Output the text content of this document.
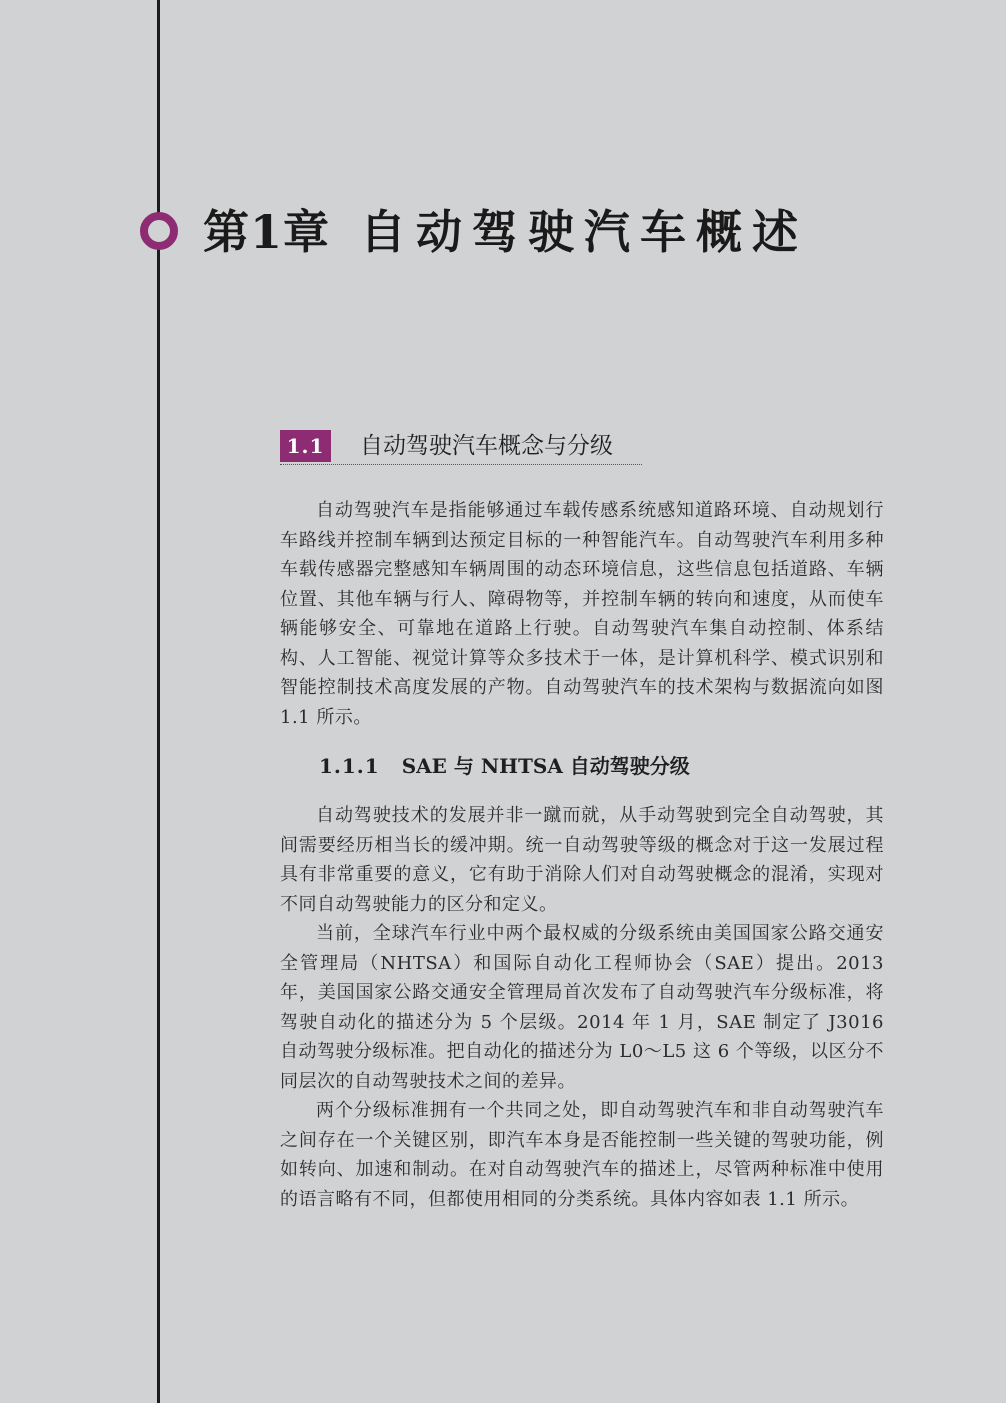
第1章 自动驾驶汽车概述
1.1 自动驾驶汽车概念与分级

自动驾驶汽车是指能够通过车载传感系统感知道路环境、自动规划行车路线并控制车辆到达预定目标的一种智能汽车。自动驾驶汽车利用多种车载传感器完整感知车辆周围的动态环境信息，这些信息包括道路、车辆位置、其他车辆与行人、障碍物等，并控制车辆的转向和速度，从而使车辆能够安全、可靠地在道路上行驶。自动驾驶汽车集自动控制、体系结构、人工智能、视觉计算等众多技术于一体，是计算机科学、模式识别和智能控制技术高度发展的产物。自动驾驶汽车的技术架构与数据流向如图 1.1 所示。

1.1.1 SAE 与 NHTSA 自动驾驶分级

自动驾驶技术的发展并非一蹴而就，从手动驾驶到完全自动驾驶，其间需要经历相当长的缓冲期。统一自动驾驶等级的概念对于这一发展过程具有非常重要的意义，它有助于消除人们对自动驾驶概念的混淆，实现对不同自动驾驶能力的区分和定义。

当前，全球汽车行业中两个最权威的分级系统由美国国家公路交通安全管理局（NHTSA）和国际自动化工程师协会（SAE）提出。2013 年，美国国家公路交通安全管理局首次发布了自动驾驶汽车分级标准，将驾驶自动化的描述分为 5 个层级。2014 年 1 月，SAE 制定了 J3016 自动驾驶分级标准。把自动化的描述分为 L0～L5 这 6 个等级，以区分不同层次的自动驾驶技术之间的差异。

两个分级标准拥有一个共同之处，即自动驾驶汽车和非自动驾驶汽车之间存在一个关键区别，即汽车本身是否能控制一些关键的驾驶功能，例如转向、加速和制动。在对自动驾驶汽车的描述上，尽管两种标准中使用的语言略有不同，但都使用相同的分类系统。具体内容如表 1.1 所示。
